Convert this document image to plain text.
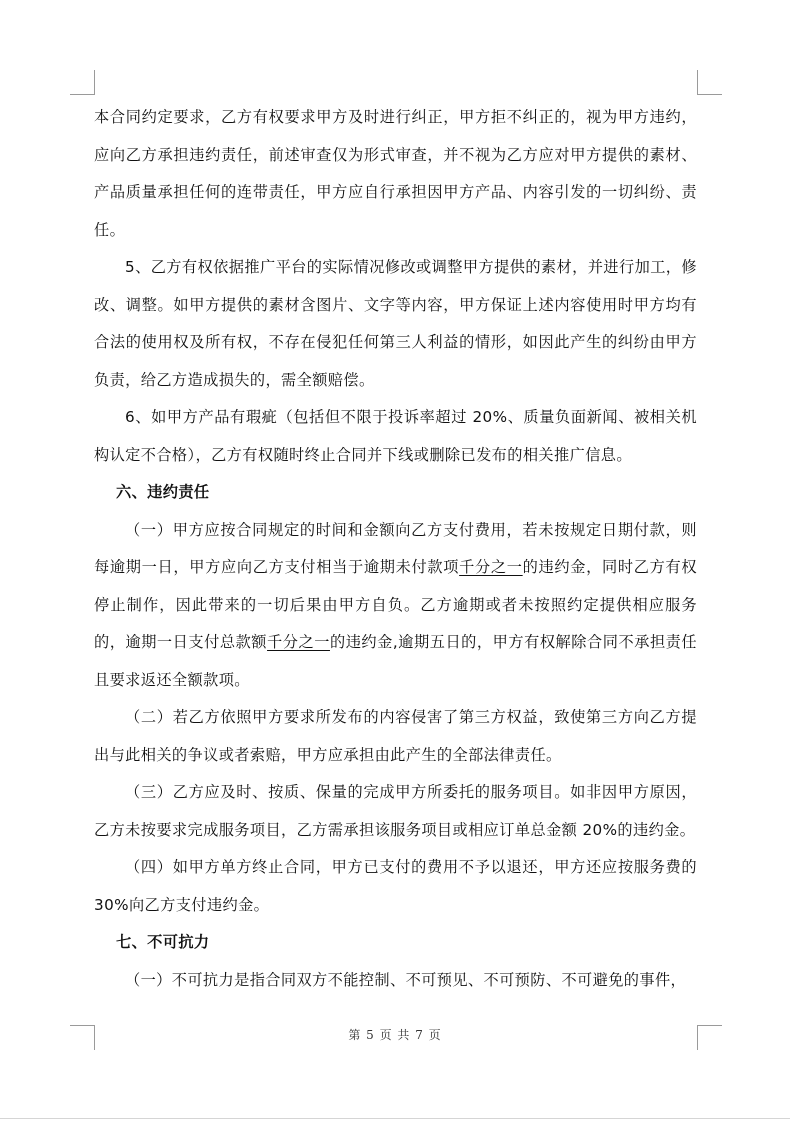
本合同约定要求，乙方有权要求甲方及时进行纠正，甲方拒不纠正的，视为甲方违约，应向乙方承担违约责任，前述审查仅为形式审查，并不视为乙方应对甲方提供的素材、产品质量承担任何的连带责任，甲方应自行承担因甲方产品、内容引发的一切纠纷、责任。

5、乙方有权依据推广平台的实际情况修改或调整甲方提供的素材，并进行加工，修改、调整。如甲方提供的素材含图片、文字等内容，甲方保证上述内容使用时甲方均有合法的使用权及所有权，不存在侵犯任何第三人利益的情形，如因此产生的纠纷由甲方负责，给乙方造成损失的，需全额赔偿。

6、如甲方产品有瑕疵（包括但不限于投诉率超过 20%、质量负面新闻、被相关机构认定不合格），乙方有权随时终止合同并下线或删除已发布的相关推广信息。

六、违约责任

（一）甲方应按合同规定的时间和金额向乙方支付费用，若未按规定日期付款，则每逾期一日，甲方应向乙方支付相当于逾期未付款项千分之一的违约金，同时乙方有权停止制作，因此带来的一切后果由甲方自负。乙方逾期或者未按照约定提供相应服务的，逾期一日支付总款额千分之一的违约金,逾期五日的，甲方有权解除合同不承担责任且要求返还全额款项。

（二）若乙方依照甲方要求所发布的内容侵害了第三方权益，致使第三方向乙方提出与此相关的争议或者索赔，甲方应承担由此产生的全部法律责任。

（三）乙方应及时、按质、保量的完成甲方所委托的服务项目。如非因甲方原因，乙方未按要求完成服务项目，乙方需承担该服务项目或相应订单总金额 20%的违约金。

（四）如甲方单方终止合同，甲方已支付的费用不予以退还，甲方还应按服务费的 30%向乙方支付违约金。

七、不可抗力

（一）不可抗力是指合同双方不能控制、不可预见、不可预防、不可避免的事件，

第 5 页 共 7 页
